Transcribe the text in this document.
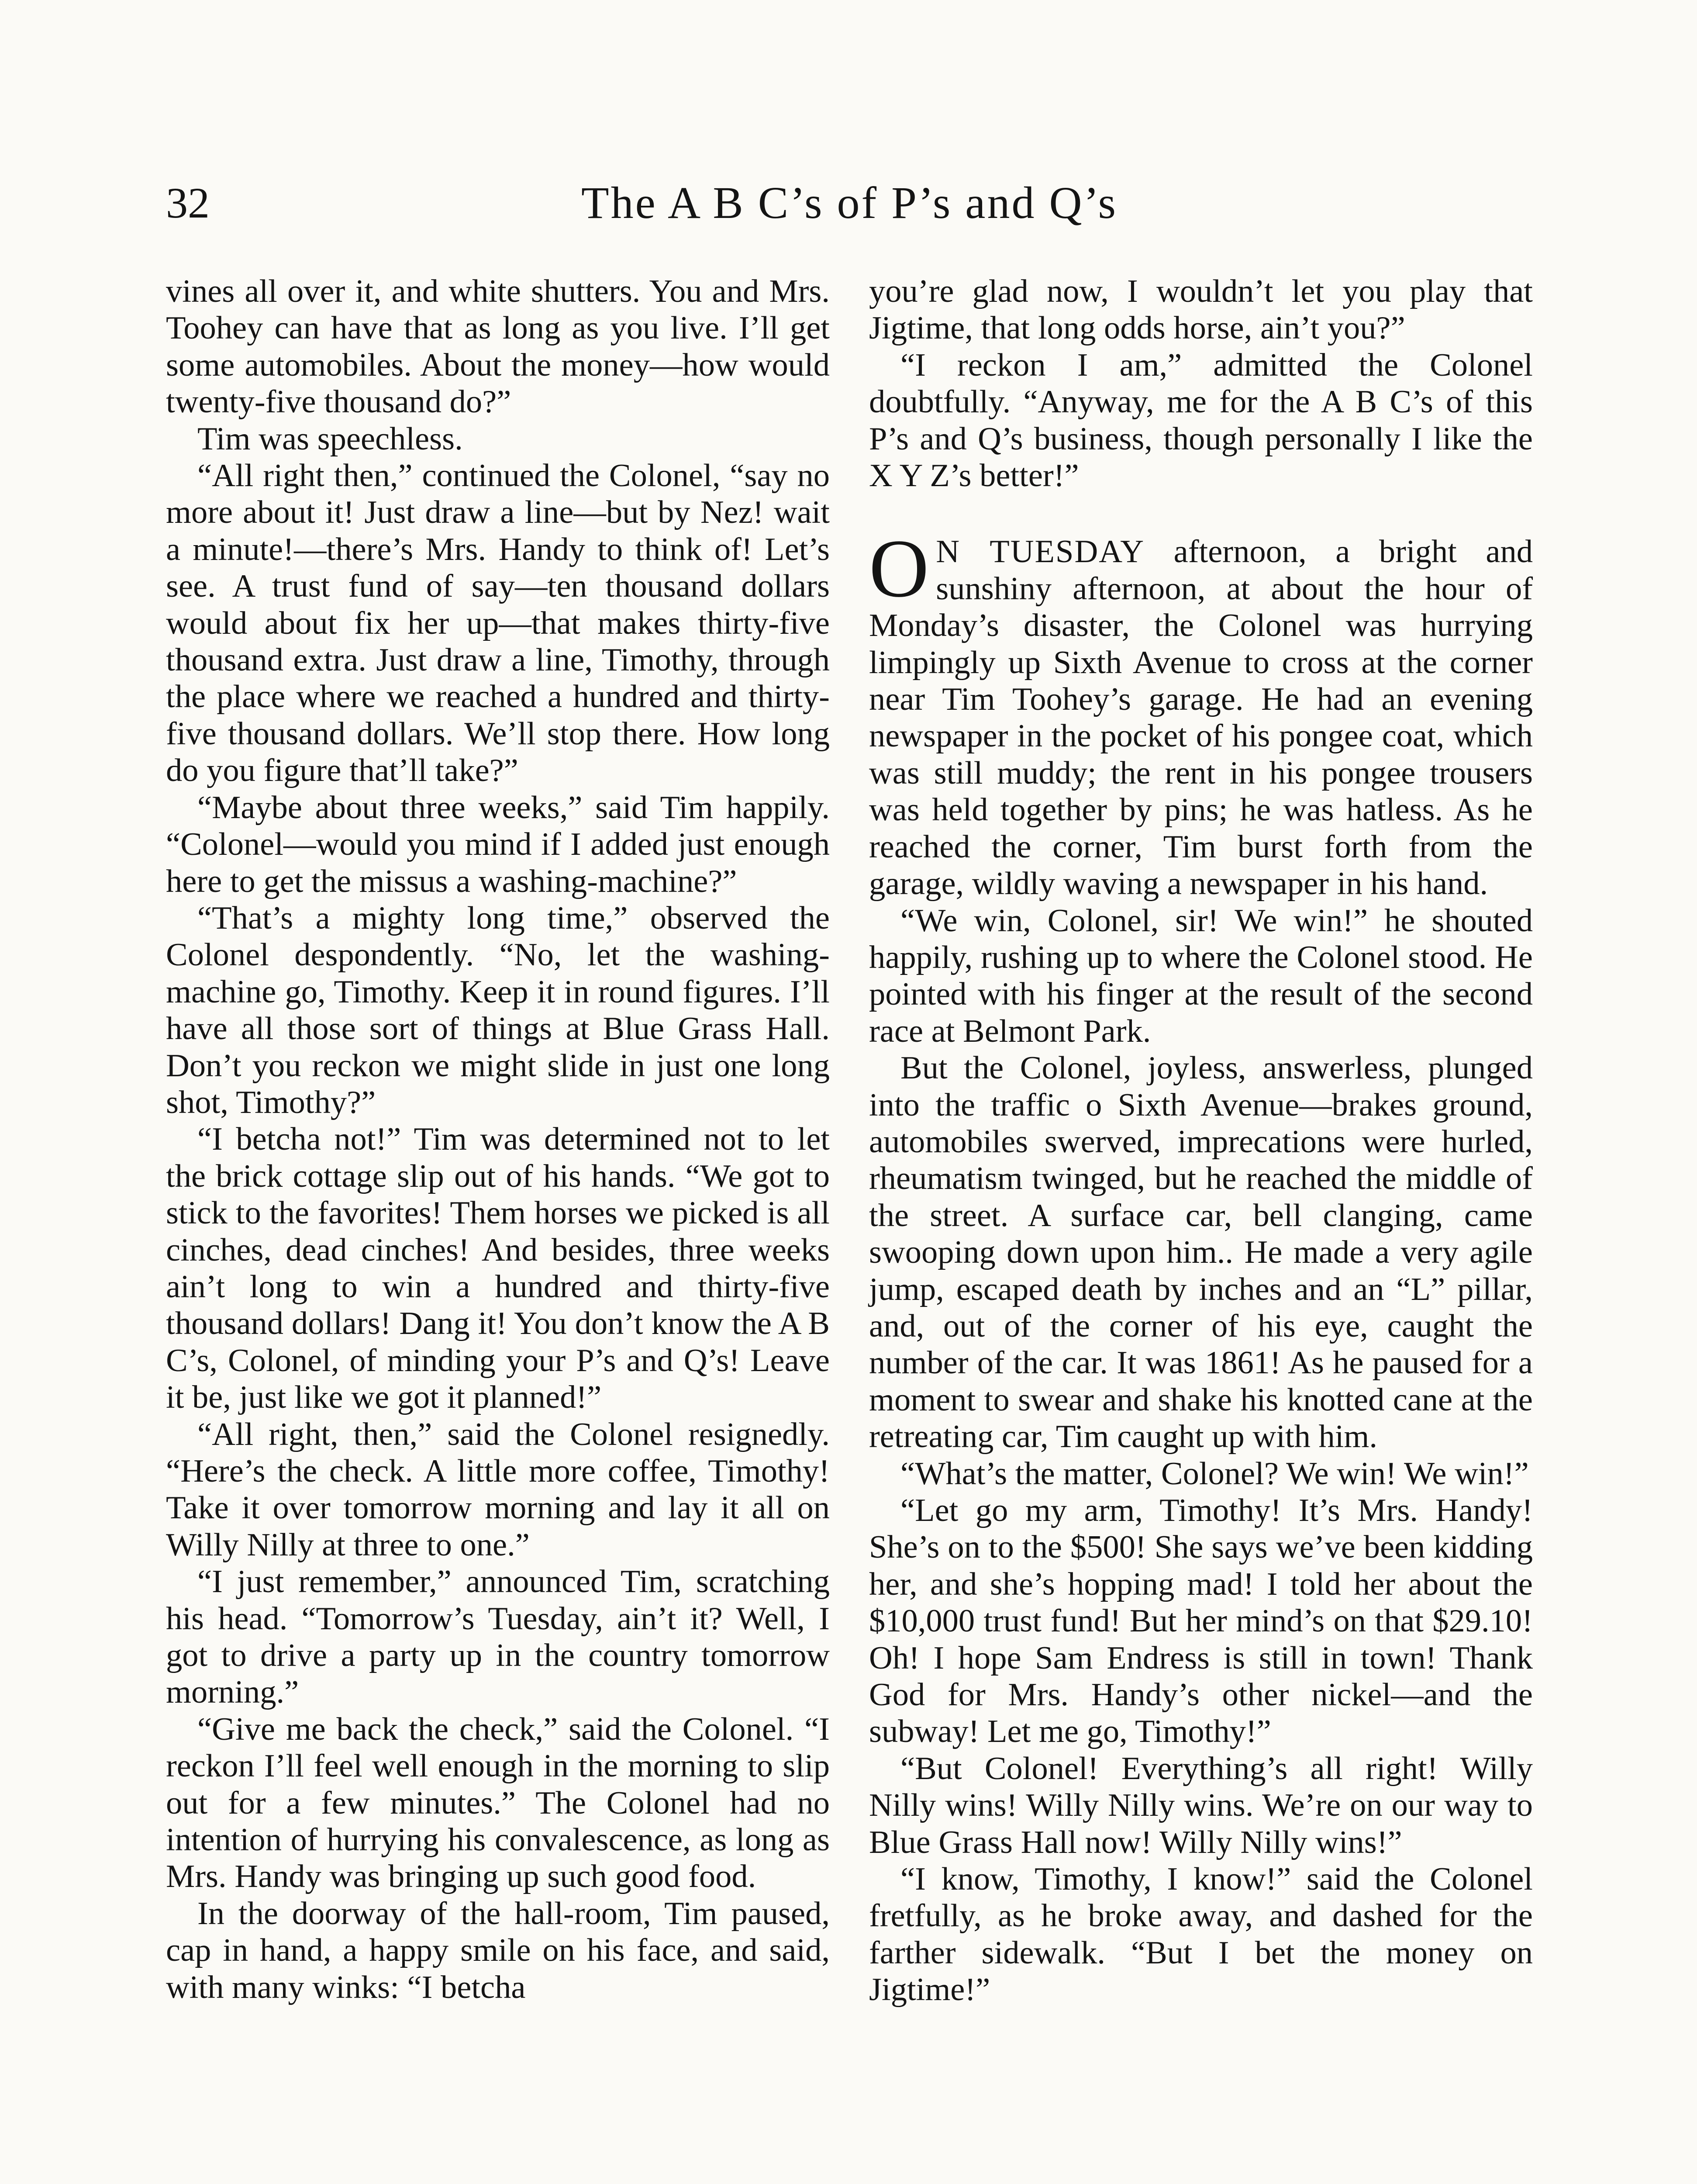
32	The A B C’s of P’s and Q’s

vines all over it, and white shutters. You and Mrs. Toohey can have that as long as you live. I’ll get some automobiles. About the money—how would twenty-five thousand do?”

Tim was speechless.

“All right then,” continued the Colonel, “say no more about it! Just draw a line—but by Nez! wait a minute!—there’s Mrs. Handy to think of! Let’s see. A trust fund of say—ten thousand dollars would about fix her up—that makes thirty-five thousand extra. Just draw a line, Timothy, through the place where we reached a hundred and thirty-five thousand dollars. We’ll stop there. How long do you figure that’ll take?”

“Maybe about three weeks,” said Tim happily. “Colonel—would you mind if I added just enough here to get the missus a washing-machine?”

“That’s a mighty long time,” observed the Colonel despondently. “No, let the washing-machine go, Timothy. Keep it in round figures. I’ll have all those sort of things at Blue Grass Hall. Don’t you reckon we might slide in just one long shot, Timothy?”

“I betcha not!” Tim was determined not to let the brick cottage slip out of his hands. “We got to stick to the favorites! Them horses we picked is all cinches, dead cinches! And besides, three weeks ain’t long to win a hundred and thirty-five thousand dollars! Dang it! You don’t know the A B C’s, Colonel, of minding your P’s and Q’s! Leave it be, just like we got it planned!”

“All right, then,” said the Colonel resignedly. “Here’s the check. A little more coffee, Timothy! Take it over tomorrow morning and lay it all on Willy Nilly at three to one.”

“I just remember,” announced Tim, scratching his head. “Tomorrow’s Tuesday, ain’t it? Well, I got to drive a party up in the country tomorrow morning.”

“Give me back the check,” said the Colonel. “I reckon I’ll feel well enough in the morning to slip out for a few minutes.” The Colonel had no intention of hurrying his convalescence, as long as Mrs. Handy was bringing up such good food.

In the doorway of the hall-room, Tim paused, cap in hand, a happy smile on his face, and said, with many winks: “I betcha

you’re glad now, I wouldn’t let you play that Jigtime, that long odds horse, ain’t you?”

“I reckon I am,” admitted the Colonel doubtfully. “Anyway, me for the A B C’s of this P’s and Q’s business, though personally I like the X Y Z’s better!”

O N TUESDAY afternoon, a bright and sunshiny afternoon, at about the hour of Monday’s disaster, the Colonel was hurrying limpingly up Sixth Avenue to cross at the corner near Tim Toohey’s garage. He had an evening newspaper in the pocket of his pongee coat, which was still muddy; the rent in his pongee trousers was held together by pins; he was hatless. As he reached the corner, Tim burst forth from the garage, wildly waving a newspaper in his hand.

“We win, Colonel, sir! We win!” he shouted happily, rushing up to where the Colonel stood. He pointed with his finger at the result of the second race at Belmont Park.

But the Colonel, joyless, answerless, plunged into the traffic o Sixth Avenue—brakes ground, automobiles swerved, imprecations were hurled, rheumatism twinged, but he reached the middle of the street. A surface car, bell clanging, came swooping down upon him.. He made a very agile jump, escaped death by inches and an “L” pillar, and, out of the corner of his eye, caught the number of the car. It was 1861! As he paused for a moment to swear and shake his knotted cane at the retreating car, Tim caught up with him.

“What’s the matter, Colonel? We win! We win!”

“Let go my arm, Timothy! It’s Mrs. Handy! She’s on to the $500! She says we’ve been kidding her, and she’s hopping mad! I told her about the $10,000 trust fund! But her mind’s on that $29.10! Oh! I hope Sam Endress is still in town! Thank God for Mrs. Handy’s other nickel—and the subway! Let me go, Timothy!”

“But Colonel! Everything’s all right! Willy Nilly wins! Willy Nilly wins. We’re on our way to Blue Grass Hall now! Willy Nilly wins!”

“I know, Timothy, I know!” said the Colonel fretfully, as he broke away, and dashed for the farther sidewalk. “But I bet the money on Jigtime!”
